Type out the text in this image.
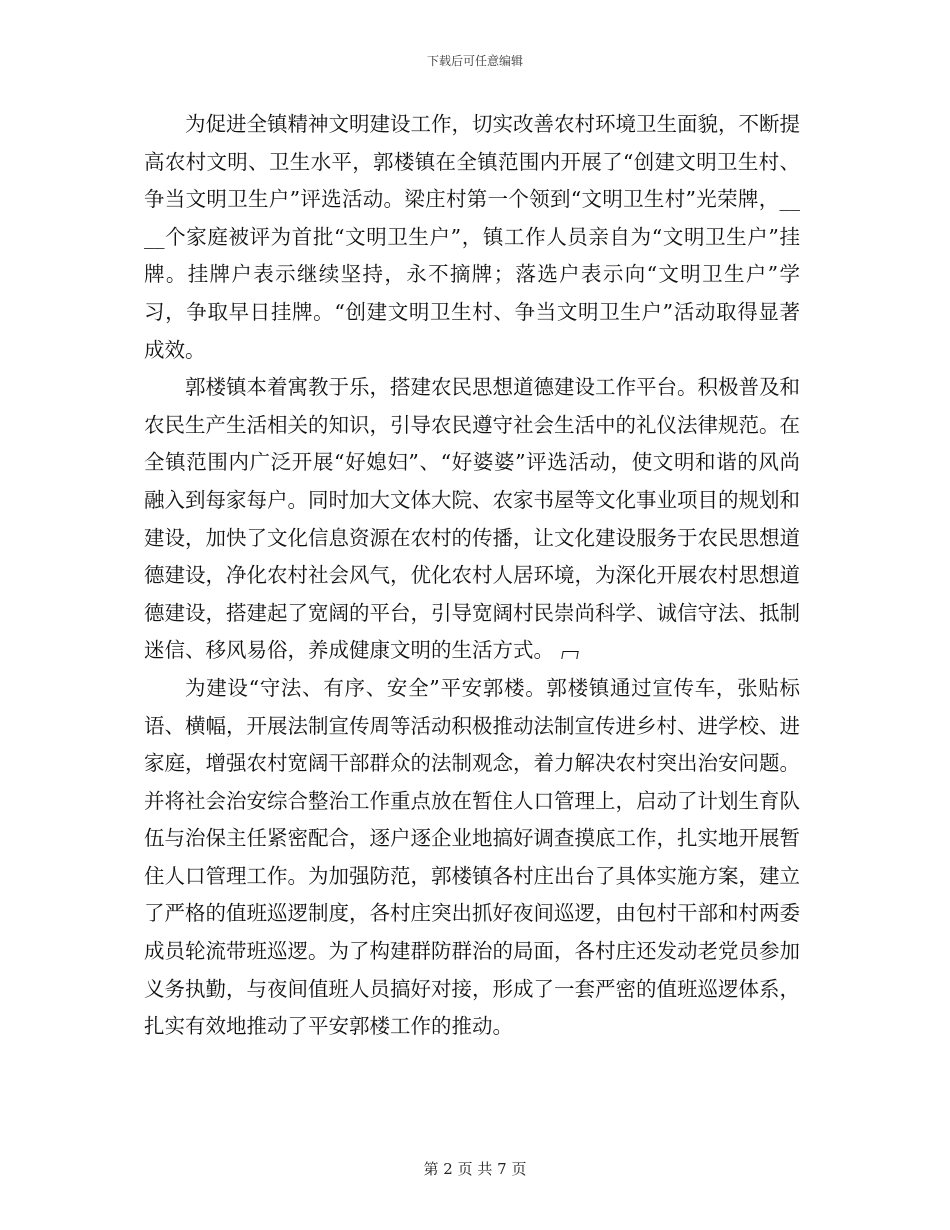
下载后可任意编辑

为促进全镇精神文明建设工作，切实改善农村环境卫生面貌，不断提高农村文明、卫生水平，郭楼镇在全镇范围内开展了“创建文明卫生村、争当文明卫生户”评选活动。梁庄村第一个领到“文明卫生村”光荣牌，____个家庭被评为首批“文明卫生户”，镇工作人员亲自为“文明卫生户”挂牌。挂牌户表示继续坚持，永不摘牌；落选户表示向“文明卫生户”学习，争取早日挂牌。“创建文明卫生村、争当文明卫生户”活动取得显著成效。

郭楼镇本着寓教于乐，搭建农民思想道德建设工作平台。积极普及和农民生产生活相关的知识，引导农民遵守社会生活中的礼仪法律规范。在全镇范围内广泛开展“好媳妇”、“好婆婆”评选活动，使文明和谐的风尚融入到每家每户。同时加大文体大院、农家书屋等文化事业项目的规划和建设，加快了文化信息资源在农村的传播，让文化建设服务于农民思想道德建设，净化农村社会风气，优化农村人居环境，为深化开展农村思想道德建设，搭建起了宽阔的平台，引导宽阔村民崇尚科学、诚信守法、抵制迷信、移风易俗，养成健康文明的生活方式。

为建设“守法、有序、安全”平安郭楼。郭楼镇通过宣传车，张贴标语、横幅，开展法制宣传周等活动积极推动法制宣传进乡村、进学校、进家庭，增强农村宽阔干部群众的法制观念，着力解决农村突出治安问题。并将社会治安综合整治工作重点放在暂住人口管理上，启动了计划生育队伍与治保主任紧密配合，逐户逐企业地搞好调查摸底工作，扎实地开展暂住人口管理工作。为加强防范，郭楼镇各村庄出台了具体实施方案，建立了严格的值班巡逻制度，各村庄突出抓好夜间巡逻，由包村干部和村两委成员轮流带班巡逻。为了构建群防群治的局面，各村庄还发动老党员参加义务执勤，与夜间值班人员搞好对接，形成了一套严密的值班巡逻体系，扎实有效地推动了平安郭楼工作的推动。

第 2 页 共 7 页
